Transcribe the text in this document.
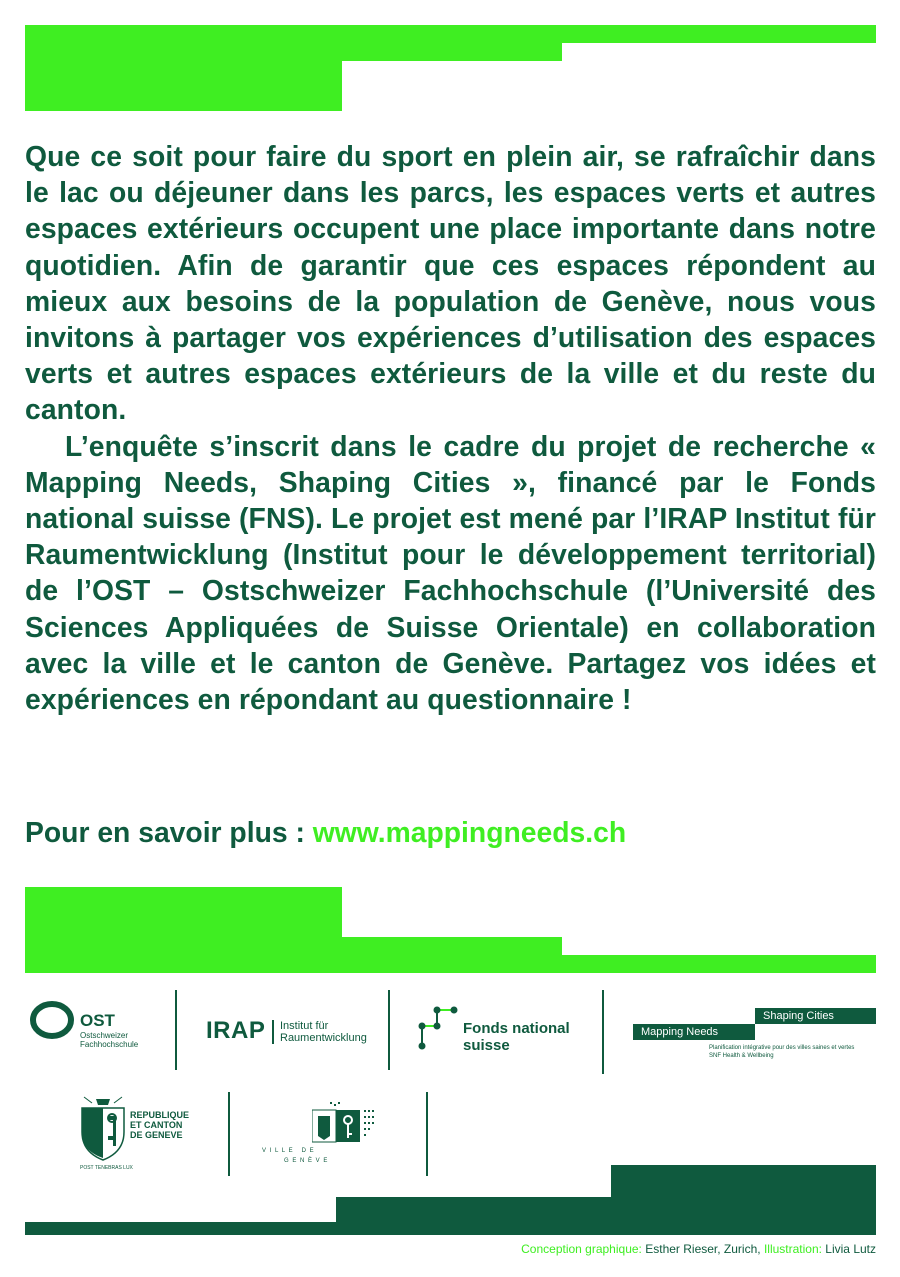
Que ce soit pour faire du sport en plein air, se rafraîchir dans le lac ou déjeuner dans les parcs, les espaces verts et autres espaces extérieurs occupent une place importante dans notre quotidien. Afin de garantir que ces espaces répondent au mieux aux besoins de la population de Genève, nous vous invitons à partager vos expériences d’utilisation des espaces verts et autres espaces extérieurs de la ville et du reste du canton.

L’enquête s’inscrit dans le cadre du projet de recherche « Mapping Needs, Shaping Cities », financé par le Fonds national suisse (FNS). Le projet est mené par l’IRAP Institut für Raumentwicklung (Institut pour le développement territorial) de l’OST – Ostschweizer Fachhochschule (l’Université des Sciences Appliquées de Suisse Orientale) en collaboration avec la ville et le canton de Genève. Partagez vos idées et expériences en répondant au questionnaire !

Pour en savoir plus : www.mappingneeds.ch
OST
Ostschweizer
Fachhochschule
IRAP Institut für
Raumentwicklung
Fonds national
suisse
Shaping Cities
Mapping Needs
Planification intégrative pour des villes saines et vertes
SNF Health & Wellbeing
REPUBLIQUE
ET CANTON
DE GENEVE
POST TENEBRAS LUX
V I L L E   D E
G E N È V E
Conception graphique: Esther Rieser, Zurich, Illustration: Livia Lutz
